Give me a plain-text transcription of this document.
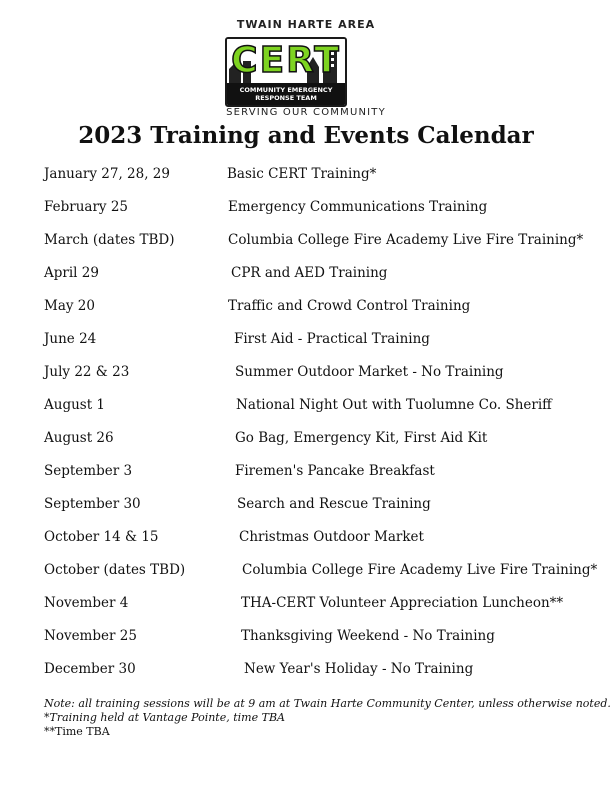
TWAIN HARTE AREA
CERT
COMMUNITY EMERGENCY
RESPONSE TEAM
SERVING OUR COMMUNITY
2023 Training and Events Calendar
January 27, 28, 29	Basic CERT Training*
February 25	Emergency Communications Training
March (dates TBD)	Columbia College Fire Academy Live Fire Training*
April 29	CPR and AED Training
May 20	Traffic and Crowd Control Training
June 24	First Aid - Practical Training
July 22 & 23	Summer Outdoor Market - No Training
August 1	National Night Out with Tuolumne Co. Sheriff
August 26	Go Bag, Emergency Kit, First Aid Kit
September 3	Firemen's Pancake Breakfast
September 30	Search and Rescue Training
October 14 & 15	Christmas Outdoor Market
October (dates TBD)	Columbia College Fire Academy Live Fire Training*
November 4	THA-CERT Volunteer Appreciation Luncheon**
November 25	Thanksgiving Weekend - No Training
December 30	New Year's Holiday - No Training
Note: all training sessions will be at 9 am at Twain Harte Community Center, unless otherwise noted.
*Training held at Vantage Pointe, time TBA
**Time TBA
